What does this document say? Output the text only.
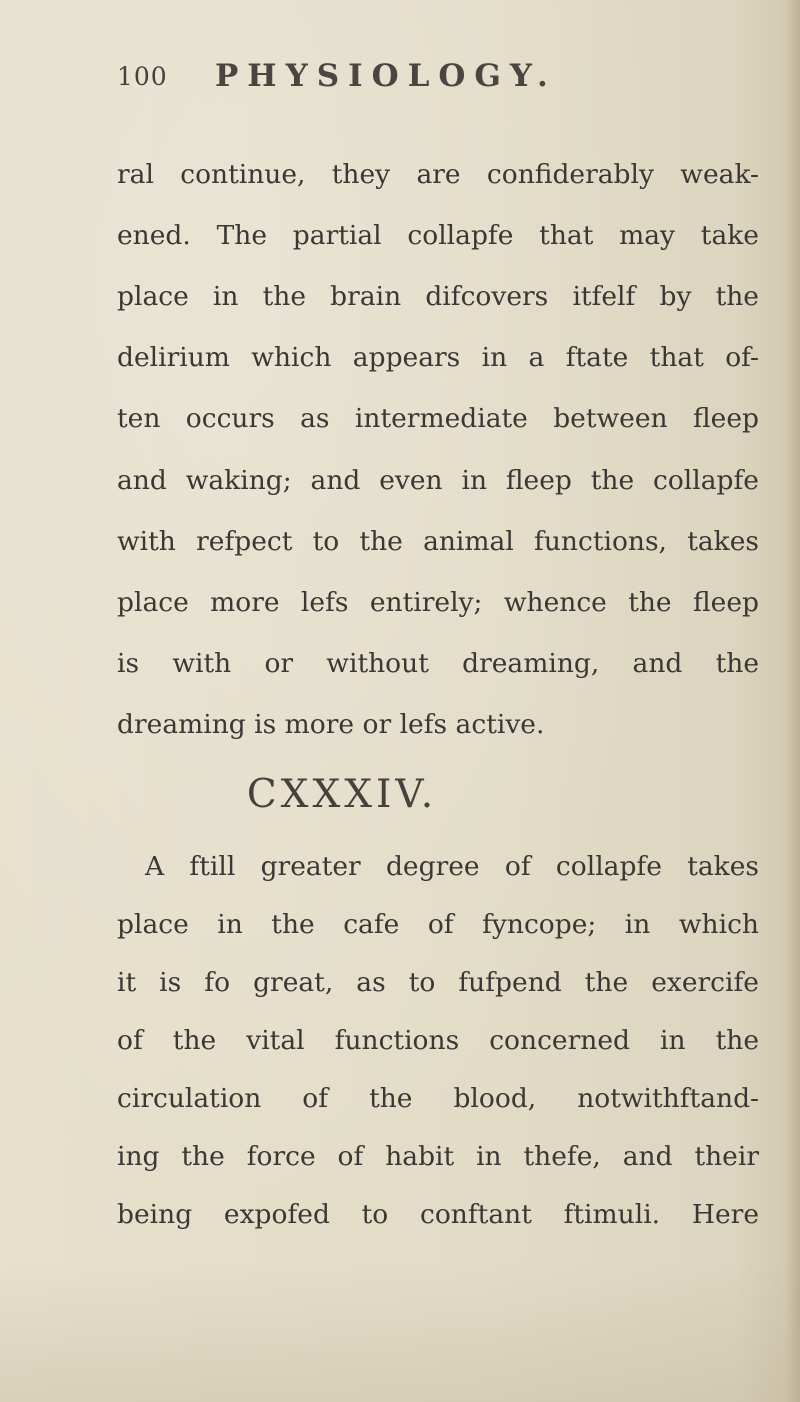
100 PHYSIOLOGY.
ral continue, they are confiderably weak-
ened. The partial collapfe that may take
place in the brain difcovers itfelf by the
delirium which appears in a ftate that of-
ten occurs as intermediate between fleep
and waking; and even in fleep the collapfe
with refpect to the animal functions, takes
place more lefs entirely; whence the fleep
is with or without dreaming, and the
dreaming is more or lefs active.
CXXXIV.
A ftill greater degree of collapfe takes
place in the cafe of fyncope; in which
it is fo great, as to fufpend the exercife
of the vital functions concerned in the
circulation of the blood, notwithftand-
ing the force of habit in thefe, and their
being expofed to conftant ftimuli. Here
